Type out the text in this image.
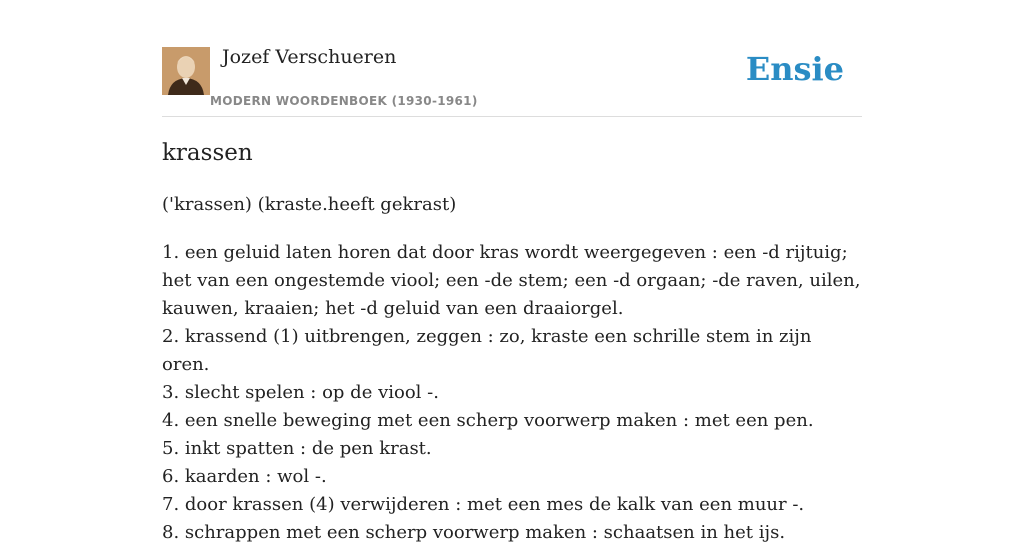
Jozef Verschueren
MODERN WOORDENBOEK (1930-1961)
Ensie
krassen
('krassen) (kraste.heeft gekrast)
1. een geluid laten horen dat door kras wordt weergegeven : een -d rijtuig; het van een ongestemde viool; een -de stem; een -d orgaan; -de raven, uilen, kauwen, kraaien; het -d geluid van een draaiorgel.
2. krassend (1) uitbrengen, zeggen : zo, kraste een schrille stem in zijn oren.
3. slecht spelen : op de viool -.
4. een snelle beweging met een scherp voorwerp maken : met een pen.
5. inkt spatten : de pen krast.
6. kaarden : wol -.
7. door krassen (4) verwijderen : met een mes de kalk van een muur -.
8. schrappen met een scherp voorwerp maken : schaatsen in het ijs.
